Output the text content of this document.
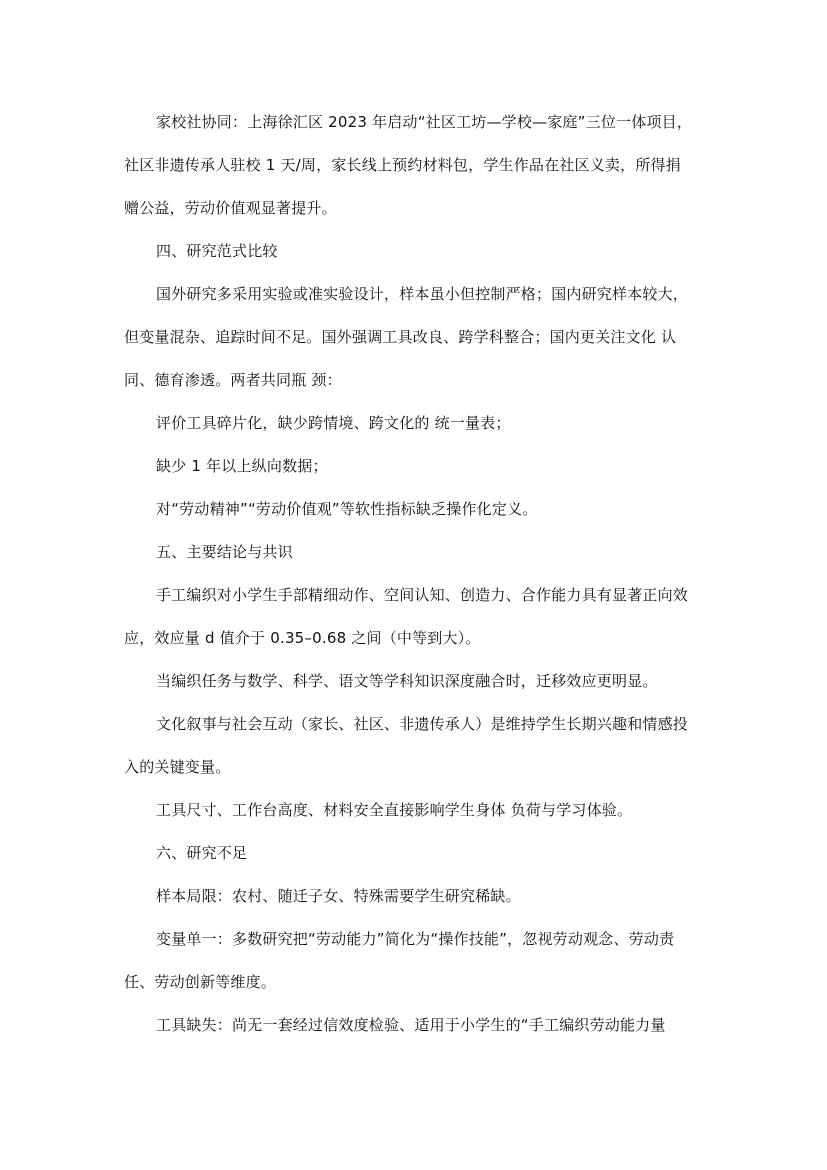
家校社协同：上海徐汇区 2023 年启动“社区工坊—学校—家庭”三位一体项目，
社区非遗传承人驻校 1 天/周，家长线上预约材料包，学生作品在社区义卖，所得捐
赠公益，劳动价值观显著提升。
四、研究范式比较
国外研究多采用实验或准实验设计，样本虽小但控制严格；国内研究样本较大，
但变量混杂、追踪时间不足。国外强调工具改良、跨学科整合；国内更关注文化 认
同、德育渗透。两者共同瓶 颈：
评价工具碎片化，缺少跨情境、跨文化的 统一量表；
缺少 1 年以上纵向数据；
对“劳动精神”“劳动价值观”等软性指标缺乏操作化定义。
五、主要结论与共识
手工编织对小学生手部精细动作、空间认知、创造力、合作能力具有显著正向效
应，效应量 d 值介于 0.35–0.68 之间（中等到大）。
当编织任务与数学、科学、语文等学科知识深度融合时，迁移效应更明显。
文化叙事与社会互动（家长、社区、非遗传承人）是维持学生长期兴趣和情感投
入的关键变量。
工具尺寸、工作台高度、材料安全直接影响学生身体 负荷与学习体验。
六、研究不足
样本局限：农村、随迁子女、特殊需要学生研究稀缺。
变量单一：多数研究把“劳动能力”简化为“操作技能”，忽视劳动观念、劳动责
任、劳动创新等维度。
工具缺失：尚无一套经过信效度检验、适用于小学生的“手工编织劳动能力量
